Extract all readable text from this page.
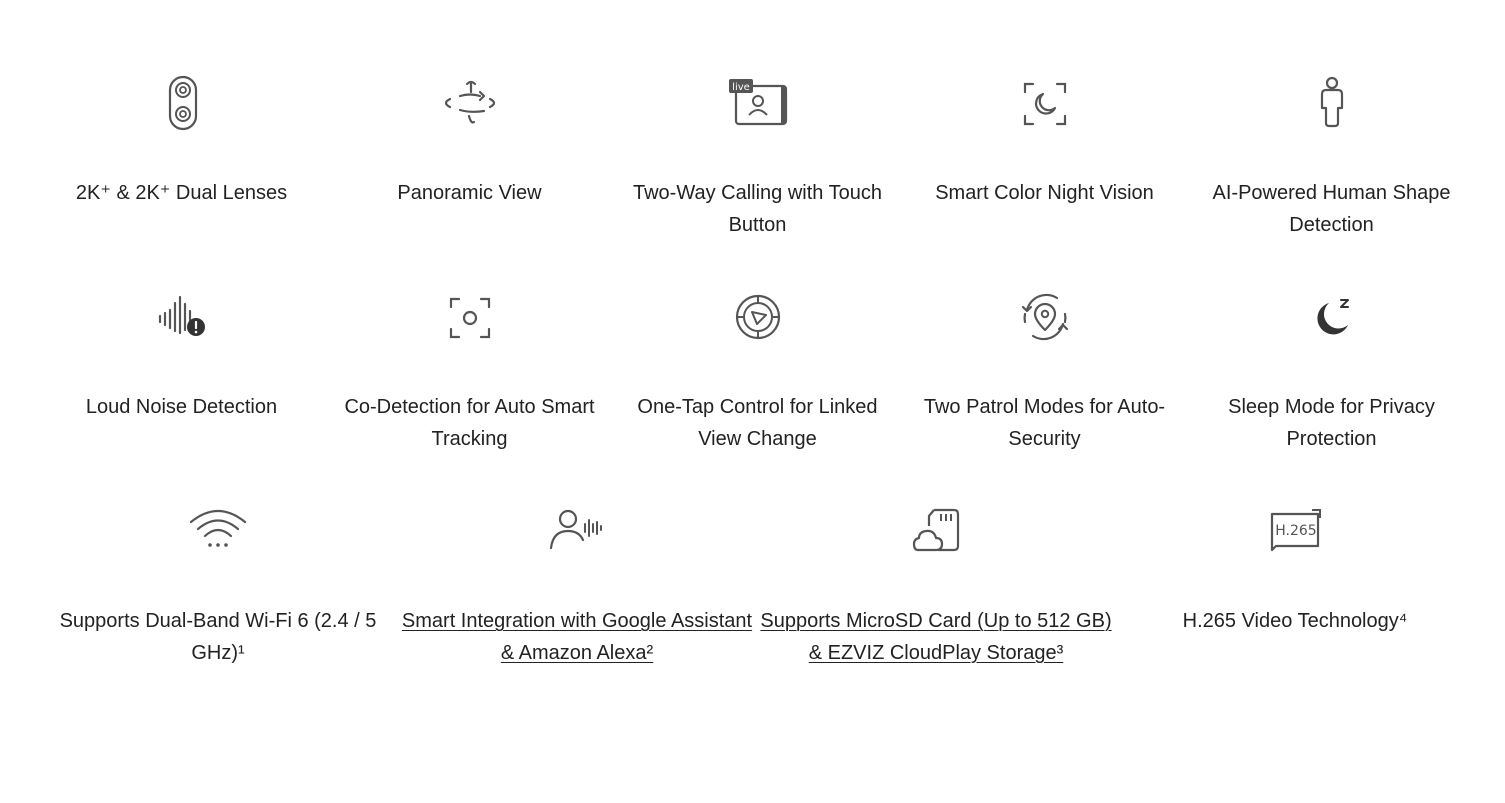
2K⁺ & 2K⁺ Dual Lenses	Panoramic View
live
Two-Way Calling with Touch Button
Smart Color Night Vision	AI-Powered Human Shape Detection
Loud Noise Detection	Co-Detection for Auto Smart Tracking
One-Tap Control for Linked View Change
Two Patrol Modes for Auto-Security
Sleep Mode for Privacy Protection
Supports Dual-Band Wi-Fi 6 (2.4 / 5 GHz)¹
Smart Integration with Google Assistant & Amazon Alexa²
Supports MicroSD Card (Up to 512 GB) & EZVIZ CloudPlay Storage³
H.265
H.265 Video Technology⁴
